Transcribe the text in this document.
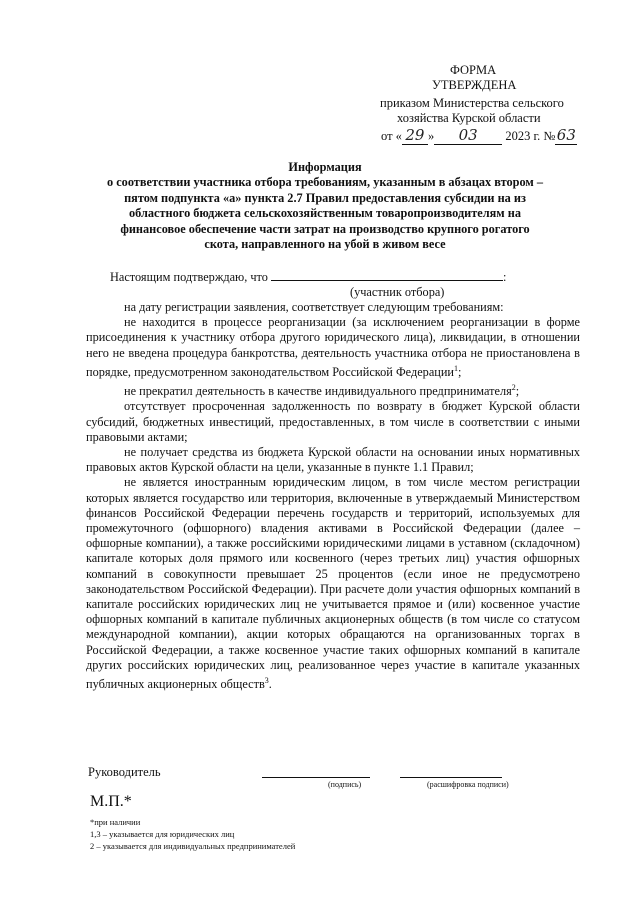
ФОРМА
УТВЕРЖДЕНА
приказом Министерства сельского
хозяйства Курской области
от « 29 » 03 2023 г. №63
Информация
о соответствии участника отбора требованиям, указанным в абзацах втором –
пятом подпункта «а» пункта 2.7 Правил предоставления субсидии на из
областного бюджета сельскохозяйственным товаропроизводителям на
финансовое обеспечение части затрат на производство крупного рогатого
скота, направленного на убой в живом весе
Настоящим подтверждаю, что	:
(участник отбора)

на дату регистрации заявления, соответствует следующим требованиям:

не находится в процессе реорганизации (за исключением реорганизации в форме присоединения к участнику отбора другого юридического лица), ликвидации, в отношении него не введена процедура банкротства, деятельность участника отбора не приостановлена в порядке, предусмотренном законодательством Российской Федерации$^1$;

не прекратил деятельность в качестве индивидуального предпринимателя$^2$;

отсутствует просроченная задолженность по возврату в бюджет Курской области субсидий, бюджетных инвестиций, предоставленных, в том числе в соответствии с иными правовыми актами;

не получает средства из бюджета Курской области на основании иных нормативных правовых актов Курской области на цели, указанные в пункте 1.1 Правил;

не является иностранным юридическим лицом, в том числе местом регистрации которых является государство или территория, включенные в утверждаемый Министерством финансов Российской Федерации перечень государств и территорий, используемых для промежуточного (офшорного) владения активами в Российской Федерации (далее – офшорные компании), а также российскими юридическими лицами в уставном (складочном) капитале которых доля прямого или косвенного (через третьих лиц) участия офшорных компаний в совокупности превышает 25 процентов (если иное не предусмотрено законодательством Российской Федерации). При расчете доли участия офшорных компаний в капитале российских юридических лиц не учитывается прямое и (или) косвенное участие офшорных компаний в капитале публичных акционерных обществ (в том числе со статусом международной компании), акции которых обращаются на организованных торгах в Российской Федерации, а также косвенное участие таких офшорных компаний в капитале других российских юридических лиц, реализованное через участие в капитале указанных публичных акционерных обществ$^3$.

Руководитель
(подпись)	(расшифровка подписи)
М.П.*
*при наличии
1,3 – указывается для юридических лиц
2 – указывается для индивидуальных предпринимателей
